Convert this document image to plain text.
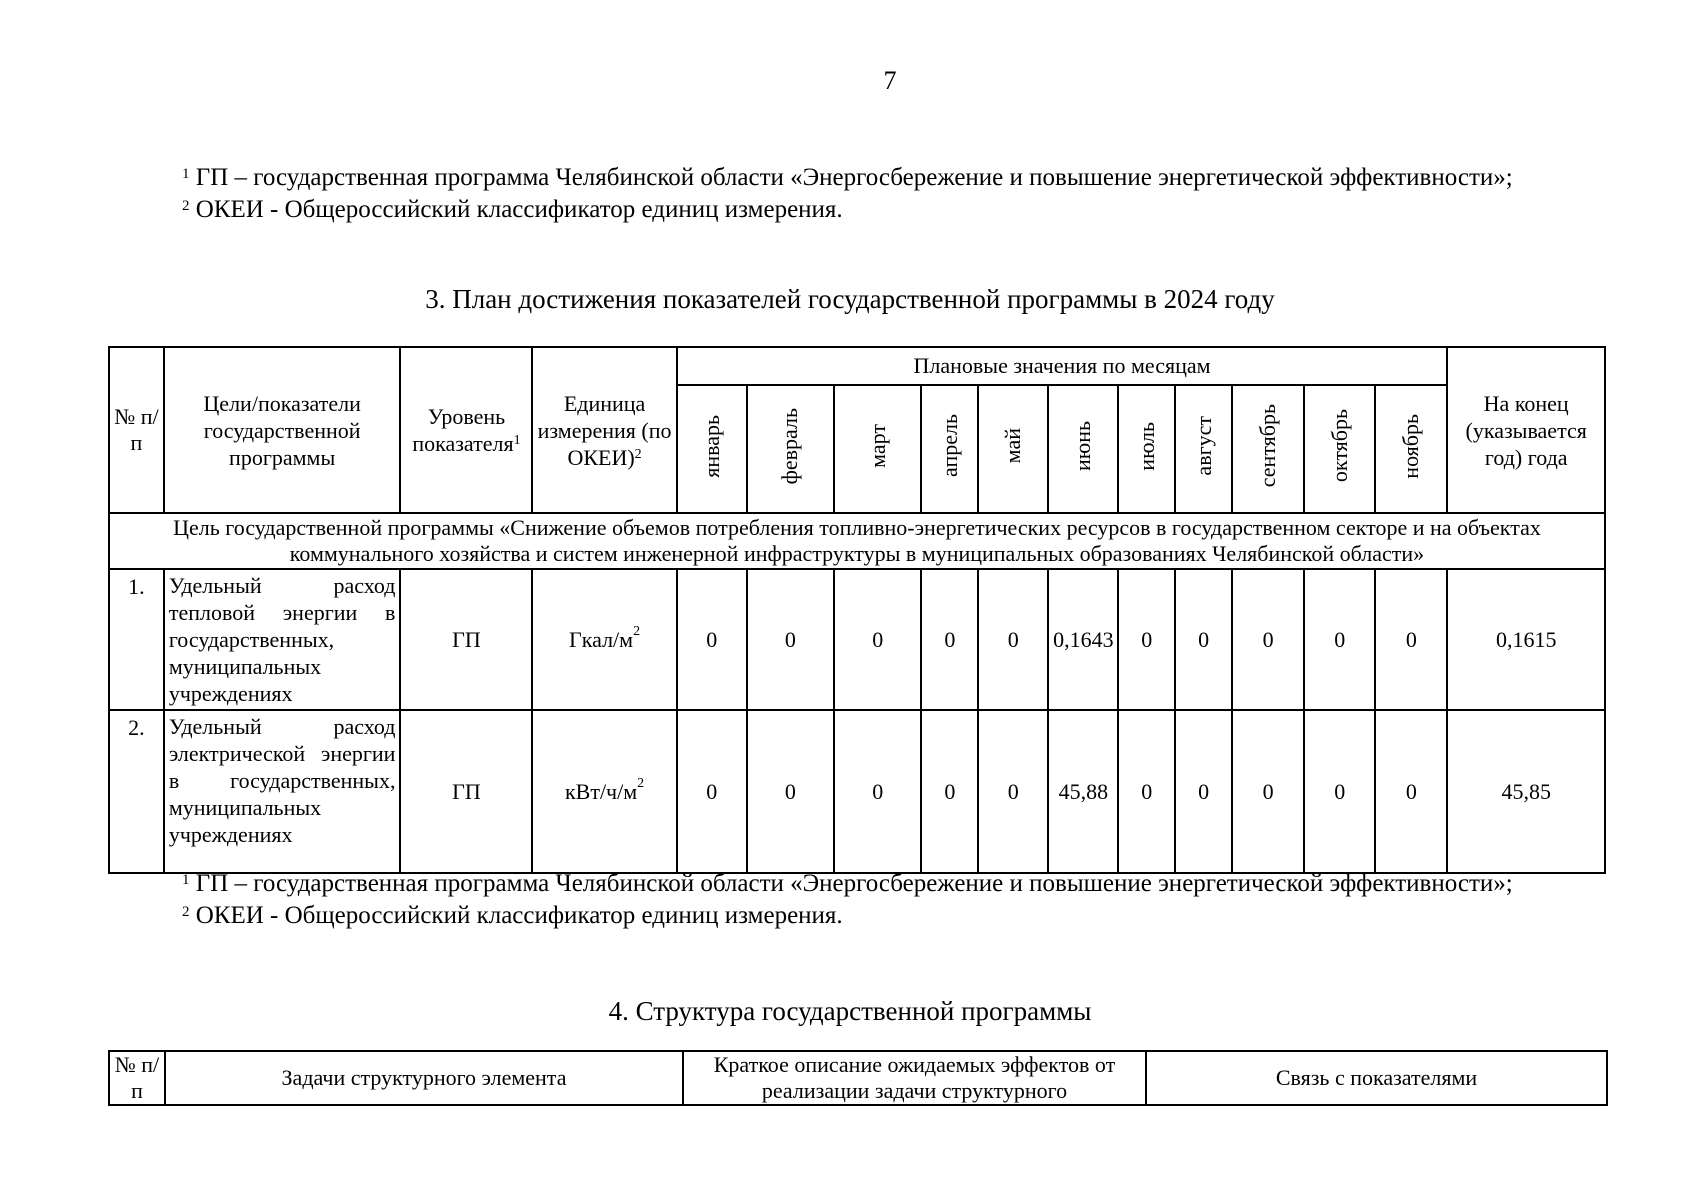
7

$^1$ ГП – государственная программа Челябинской области «Энергосбережение и повышение энергетической эффективности»;

$^2$ ОКЕИ - Общероссийский классификатор единиц измерения.

3. План достижения показателей государственной программы в 2024 году
№ п/п	Цели/показатели государственной программы	Уровень показателя$^1$	Единица измерения (по ОКЕИ)$^2$	Плановые значения по месяцам											На конец (указывается год) года
				январь	февраль	март	апрель	май	июнь	июль	август	сентябрь	октябрь	ноябрь	
Цель государственной программы «Снижение объемов потребления топливно-энергетических ресурсов в государственном секторе и на объектах коммунального хозяйства и систем инженерной инфраструктуры в муниципальных образованиях Челябинской области»															
1.	Удельный расход тепловой энергии в государственных, муниципальных учреждениях	ГП	Гкал/$м^2$	0	0	0	0	0	0,1643	0	0	0	0	0	0,1615
2.	Удельный расход электрической энергии в государственных, муниципальных учреждениях	ГП	кВт/$ч/м^2$	0	0	0	0	0	45,88	0	0	0	0	0	45,85

$^1$ ГП – государственная программа Челябинской области «Энергосбережение и повышение энергетической эффективности»;

$^2$ ОКЕИ - Общероссийский классификатор единиц измерения.

4. Структура государственной программы
№ п/п	Задачи структурного элемента	Краткое описание ожидаемых эффектов от реализации задачи структурного	Связь с показателями
